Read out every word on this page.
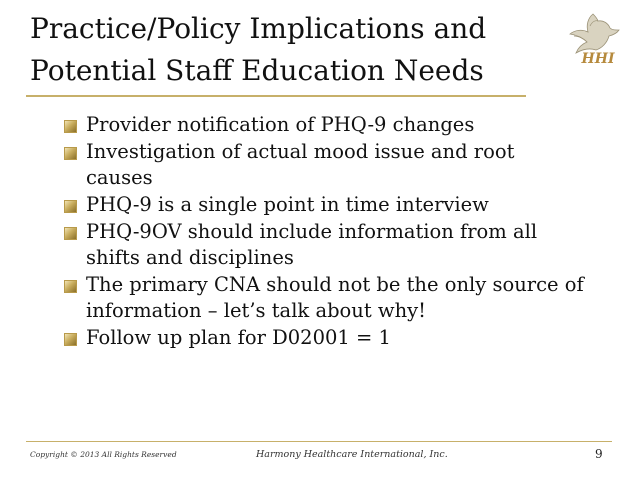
Practice/Policy Implications and
Potential Staff Education Needs	HHI
Provider notification of PHQ-9 changes
Investigation of actual mood issue and root causes
PHQ-9 is a single point in time interview
PHQ-9OV should include information from all shifts and disciplines
The primary CNA should not be the only source of information – let’s talk about why!
Follow up plan for D02001 = 1
Copyright © 2013 All Rights Reserved	Harmony Healthcare International, Inc.	9
